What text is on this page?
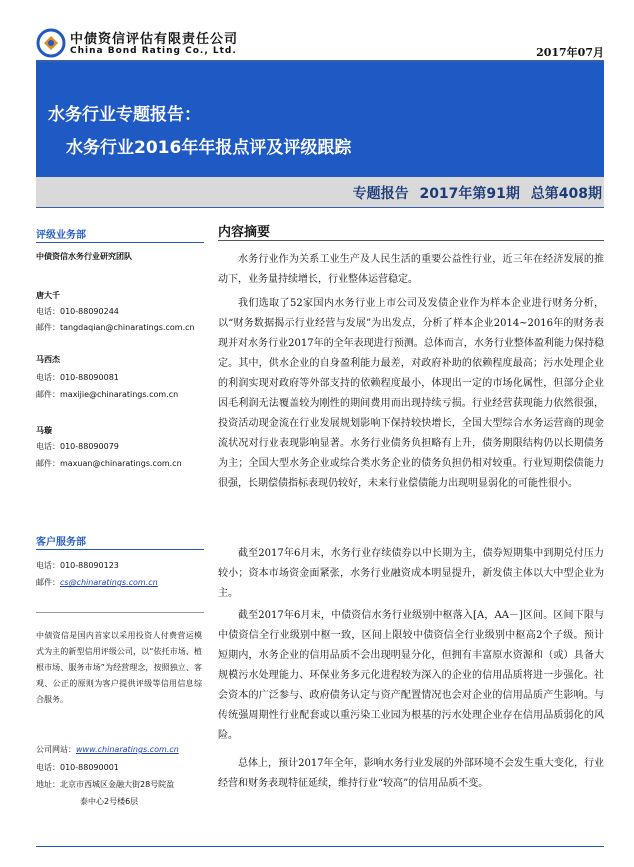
中债资信评估有限责任公司
China Bond Rating Co., Ltd.	2017年07月
水务行业专题报告：
水务行业2016年年报点评及评级跟踪
专题报告 2017年第91期 总第408期
评级业务部
中债资信水务行业研究团队
唐大千
电话：010-88090244
邮件：tangdaqian@chinaratings.com.cn
马西杰
电话：010-88090081
邮件：maxijie@chinaratings.com.cn
马璇
电话：010-88090079
邮件：maxuan@chinaratings.com.cn
客户服务部
电话：010-88090123
邮件：cs@chinaratings.com.cn
中债资信是国内首家以采用投资人付费营运模式为主的新型信用评级公司，以“依托市场、植根市场、服务市场”为经营理念，按照独立、客观、公正的原则为客户提供评级等信用信息综合服务。
公司网站：www.chinaratings.com.cn
电话：010-88090001
地址：北京市西城区金融大街28号院盈
泰中心2号楼6层
内容摘要

水务行业作为关系工业生产及人民生活的重要公益性行业，近三年在经济发展的推动下，业务量持续增长，行业整体运营稳定。

我们选取了52家国内水务行业上市公司及发债企业作为样本企业进行财务分析，以“财务数据揭示行业经营与发展”为出发点，分析了样本企业2014~2016年的财务表现并对水务行业2017年的全年表现进行预测。总体而言，水务行业整体盈利能力保持稳定。其中，供水企业的自身盈利能力最差，对政府补助的依赖程度最高；污水处理企业的利润实现对政府等外部支持的依赖程度最小，体现出一定的市场化属性，但部分企业因毛利润无法覆盖较为刚性的期间费用而出现持续亏损。行业经营获现能力依然很强，投资活动现金流在行业发展规划影响下保持较快增长，全国大型综合水务运营商的现金流状况对行业表现影响显著。水务行业债务负担略有上升，债务期限结构仍以长期债务为主；全国大型水务企业或综合类水务企业的债务负担仍相对较重。行业短期偿债能力很强，长期偿债指标表现仍较好，未来行业偿债能力出现明显弱化的可能性很小。

截至2017年6月末，水务行业存续债券以中长期为主，债券短期集中到期兑付压力较小；资本市场资金面紧张，水务行业融资成本明显提升，新发债主体以大中型企业为主。

截至2017年6月末，中债资信水务行业级别中枢落入[A，AA－]区间。区间下限与中债资信全行业级别中枢一致，区间上限较中债资信全行业级别中枢高2个子级。预计短期内，水务企业的信用品质不会出现明显分化，但拥有丰富原水资源和（或）具备大规模污水处理能力、环保业务多元化进程较为深入的企业的信用品质将进一步强化。社会资本的广泛参与、政府债务认定与资产配置情况也会对企业的信用品质产生影响。与传统强周期性行业配套或以重污染工业园为根基的污水处理企业存在信用品质弱化的风险。

总体上，预计2017年全年，影响水务行业发展的外部环境不会发生重大变化，行业经营和财务表现特征延续，维持行业“较高”的信用品质不变。
